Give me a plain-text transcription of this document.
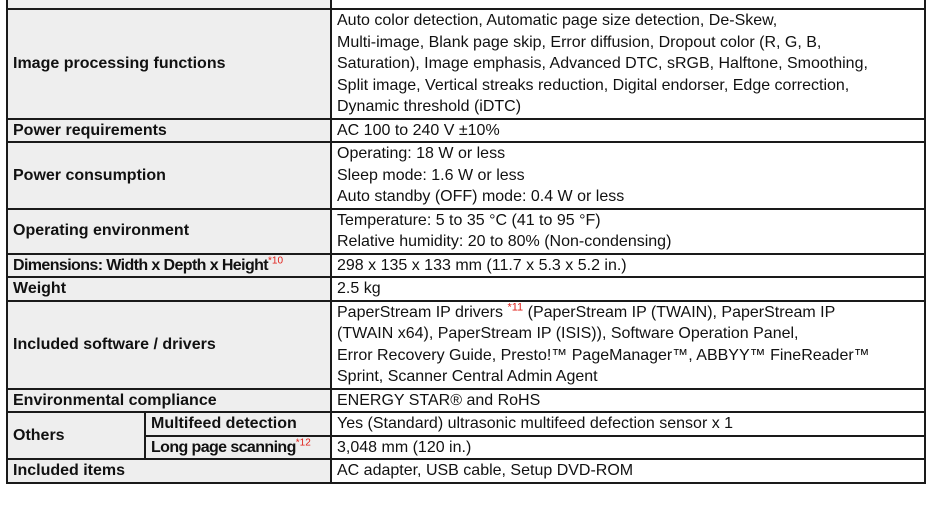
Image processing functions		Auto color detection, Automatic page size detection, De-Skew,
Multi-image, Blank page skip, Error diffusion, Dropout color (R, G, B,
Saturation), Image emphasis, Advanced DTC, sRGB, Halftone, Smoothing,
Split image, Vertical streaks reduction, Digital endorser, Edge correction,
Dynamic threshold (iDTC)

Power requirements		AC 100 to 240 V ±10%
Power consumption		Operating: 18 W or less
Sleep mode: 1.6 W or less
Auto standby (OFF) mode: 0.4 W or less

Operating environment		Temperature: 5 to 35 °C (41 to 95 °F)
Relative humidity: 20 to 80% (Non-condensing)

Dimensions: Width x Depth x Height$^{*10}$		298 x 135 x 133 mm (11.7 x 5.3 x 5.2 in.)
Weight		2.5 kg
Included software / drivers		PaperStream IP drivers $^{*11}$ (PaperStream IP (TWAIN), PaperStream IP
(TWAIN x64), PaperStream IP (ISIS)), Software Operation Panel,
Error Recovery Guide, Presto!™ PageManager™, ABBYY™ FineReader™
Sprint, Scanner Central Admin Agent

Environmental compliance		ENERGY STAR® and RoHS
Others	Multifeed detection	Yes (Standard) ultrasonic multifeed defection sensor x 1
	Long page scanning$^{*12}$	3,048 mm (120 in.)
Included items		AC adapter, USB cable, Setup DVD-ROM
